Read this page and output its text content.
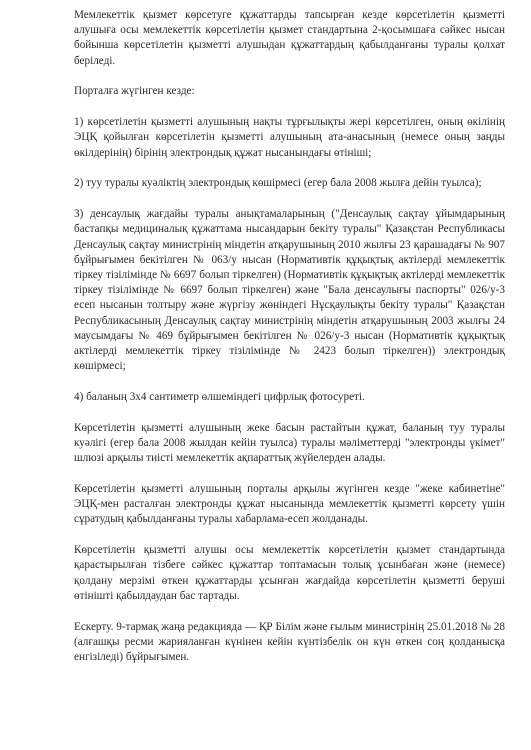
Мемлекеттік қызмет көрсетуге құжаттарды тапсырған кезде көрсетілетін қызметті алушыға осы мемлекеттік көрсетілетін қызмет стандартына 2-қосымшаға сәйкес нысан бойынша көрсетілетін қызметті алушыдан құжаттардың қабылданғаны туралы қолхат беріледі.

Порталға жүгінген кезде:

1) көрсетілетін қызметті алушының нақты тұрғылықты жері көрсетілген, оның өкілінің ЭЦҚ қойылған көрсетілетін қызметті алушының ата-анасының (немесе оның заңды өкілдерінің) бірінің электрондық құжат нысанындағы өтініші;

2) туу туралы куәліктің электрондық көшірмесі (егер бала 2008 жылға дейін туылса);

3) денсаулық жағдайы туралы анықтамаларының ("Денсаулық сақтау ұйымдарының бастапқы медициналық құжаттама нысандарын бекіту туралы" Қазақстан Республикасы Денсаулық сақтау министрінің міндетін атқарушының 2010 жылғы 23 қарашадағы № 907 бұйрығымен бекітілген № 063/у нысан (Нормативтік құқықтық актілерді мемлекеттік тіркеу тізілімінде № 6697 болып тіркелген) (Нормативтік құқықтық актілерді мемлекеттік тіркеу тізілімінде № 6697 болып тіркелген) және "Бала денсаулығы паспорты" 026/у-3 есеп нысанын толтыру және жүргізу жөніндегі Нұсқаулықты бекіту туралы" Қазақстан Республикасының Денсаулық сақтау министрінің міндетін атқарушының 2003 жылғы 24 маусымдағы № 469 бұйрығымен бекітілген № 026/у-3 нысан (Нормативтік құқықтық актілерді мемлекеттік тіркеу тізілімінде № 2423 болып тіркелген)) электрондық көшірмесі;

4) баланың 3x4 сантиметр өлшеміндегі цифрлық фотосуреті.

Көрсетілетін қызметті алушының жеке басын растайтын құжат, баланың туу туралы куәлігі (егер бала 2008 жылдан кейін туылса) туралы мәліметтерді "электронды үкімет" шлюзі арқылы тиісті мемлекеттік ақпараттық жүйелерден алады.

Көрсетілетін қызметті алушының порталы арқылы жүгінген кезде "жеке кабинетіне" ЭЦҚ-мен расталған электронды құжат нысанында мемлекеттік қызметті көрсету үшін сұратудың қабылданғаны туралы хабарлама-есеп жолданады.

Көрсетілетін қызметті алушы осы мемлекеттік көрсетілетін қызмет стандартында қарастырылған тізбеге сәйкес құжаттар топтамасын толық ұсынбаған және (немесе) қолдану мерзімі өткен құжаттарды ұсынған жағдайда көрсетілетін қызметті беруші өтінішті қабылдаудан бас тартады.

Ескерту. 9-тармақ жаңа редакцияда — ҚР Білім және ғылым министрінің 25.01.2018 № 28 (алғашқы ресми жарияланған күнінен кейін күнтізбелік он күн өткен соң қолданысқа енгізіледі) бұйрығымен.
